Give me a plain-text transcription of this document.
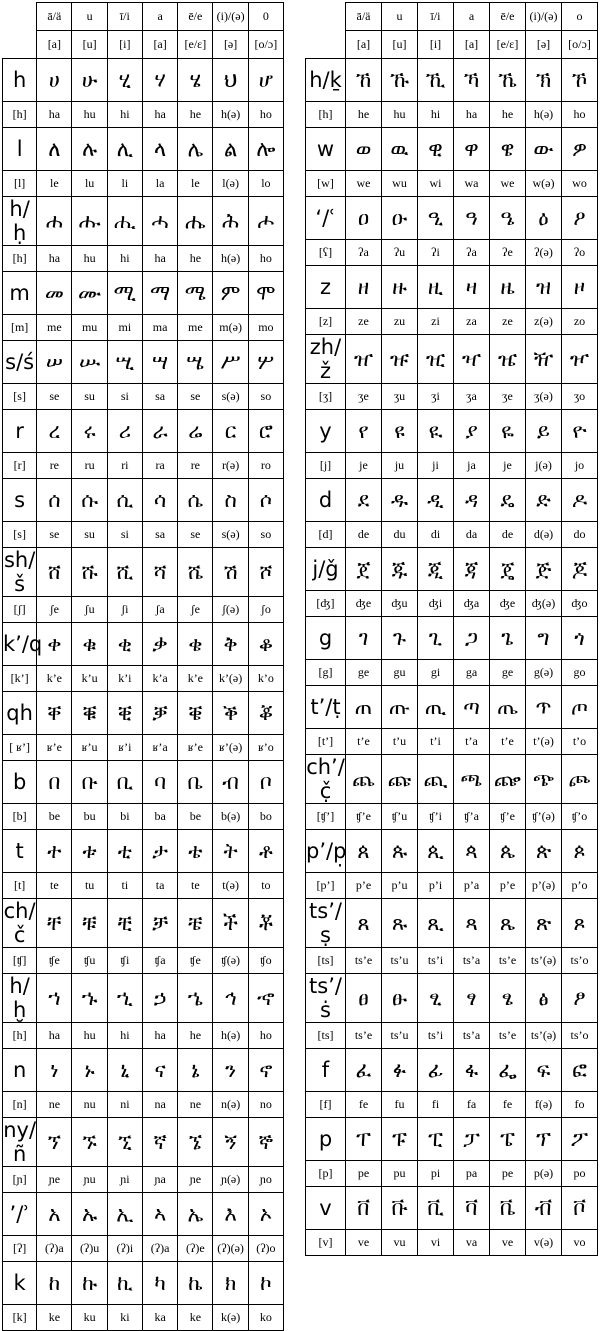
	ā/ä	u	ī/i	a	ē/e	(i)/(ə)	0
	[a]	[u]	[i]	[a]	[e/ɛ]	[ə]	[o/ɔ]
h	ሀ	ሁ	ሂ	ሃ	ሄ	ህ	ሆ
[h]	ha	hu	hi	ha	he	h(ə)	ho
l	ለ	ሉ	ሊ	ላ	ሌ	ል	ሎ
[l]	le	lu	li	la	le	l(ə)	lo
h/ḥ	ሐ	ሑ	ሒ	ሓ	ሔ	ሕ	ሖ
[h]	ha	hu	hi	ha	he	h(ə)	ho
m	መ	ሙ	ሚ	ማ	ሜ	ም	ሞ
[m]	me	mu	mi	ma	me	m(ə)	mo
s/ś	ሠ	ሡ	ሢ	ሣ	ሤ	ሥ	ሦ
[s]	se	su	si	sa	se	s(ə)	so
r	ረ	ሩ	ሪ	ራ	ሬ	ር	ሮ
[r]	re	ru	ri	ra	re	r(ə)	ro
s	ሰ	ሱ	ሲ	ሳ	ሴ	ስ	ሶ
[s]	se	su	si	sa	se	s(ə)	so
sh/š	ሸ	ሹ	ሺ	ሻ	ሼ	ሽ	ሾ
[ʃ]	ʃe	ʃu	ʃi	ʃa	ʃe	ʃ(ə)	ʃo
k’/q	ቀ	ቁ	ቂ	ቃ	ቄ	ቅ	ቆ
[k’]	k’e	k’u	k’i	k’a	k’e	k’(ə)	k’o
qh	ቐ	ቑ	ቒ	ቓ	ቔ	ቕ	ቖ
[ ʁ’]	ʁ’e	ʁ’u	ʁ’i	ʁ’a	ʁ’e	ʁ’(ə)	ʁ’o
b	በ	ቡ	ቢ	ባ	ቤ	ብ	ቦ
[b]	be	bu	bi	ba	be	b(ə)	bo
t	ተ	ቱ	ቲ	ታ	ቴ	ት	ቶ
[t]	te	tu	ti	ta	te	t(ə)	to
ch/č	ቸ	ቹ	ቺ	ቻ	ቼ	ች	ቾ
[ʧ]	ʧe	ʧu	ʧi	ʧa	ʧe	ʧ(ə)	ʧo
h/ḫ	ኀ	ኁ	ኂ	ኃ	ኄ	ኅ	ኆ
[h]	ha	hu	hi	ha	he	h(ə)	ho
n	ነ	ኑ	ኒ	ና	ኔ	ን	ኖ
[n]	ne	nu	ni	na	ne	n(ə)	no
ny/ñ	ኘ	ኙ	ኚ	ኛ	ኜ	ኝ	ኞ
[ɲ]	ɲe	ɲu	ɲi	ɲa	ɲe	ɲ(ə)	ɲo
’/ʾ	አ	ኡ	ኢ	ኣ	ኤ	እ	ኦ
[ʔ]	(ʔ)a	(ʔ)u	(ʔ)i	(ʔ)a	(ʔ)e	(ʔ)(ə)	(ʔ)o
k	ከ	ኩ	ኪ	ካ	ኬ	ክ	ኮ
[k]	ke	ku	ki	ka	ke	k(ə)	ko
	ā/ä	u	ī/i	a	ē/e	(i)/(ə)	o
	[a]	[u]	[i]	[a]	[e/ɛ]	[ə]	[o/ɔ]
h/ḵ	ኸ	ኹ	ኺ	ኻ	ኼ	ኽ	ኾ
[h]	he	hu	hi	ha	he	h(ə)	ho
w	ወ	ዉ	ዊ	ዋ	ዌ	ው	ዎ
[w]	we	wu	wi	wa	we	w(ə)	wo
‘/ʿ	ዐ	ዑ	ዒ	ዓ	ዔ	ዕ	ዖ
[ʕ]	ʔa	ʔu	ʔi	ʔa	ʔe	ʔ(ə)	ʔo
z	ዘ	ዙ	ዚ	ዛ	ዜ	ዝ	ዞ
[z]	ze	zu	zi	za	ze	z(ə)	zo
zh/ž	ዠ	ዡ	ዢ	ዣ	ዤ	ዥ	ዦ
[ʒ]	ʒe	ʒu	ʒi	ʒa	ʒe	ʒ(ə)	ʒo
y	የ	ዩ	ዪ	ያ	ዬ	ይ	ዮ
[j]	je	ju	ji	ja	je	j(ə)	jo
d	ደ	ዱ	ዲ	ዳ	ዴ	ድ	ዶ
[d]	de	du	di	da	de	d(ə)	do
j/ǧ	ጀ	ጁ	ጂ	ጃ	ጄ	ጅ	ጆ
[ʤ]	ʤe	ʤu	ʤi	ʤa	ʤe	ʤ(ə)	ʤo
g	ገ	ጉ	ጊ	ጋ	ጌ	ግ	ጎ
[g]	ge	gu	gi	ga	ge	g(ə)	go
t’/ṭ	ጠ	ጡ	ጢ	ጣ	ጤ	ጥ	ጦ
[t’]	t’e	t’u	t’i	t’a	t’e	t’(ə)	t’o
ch’/č̣	ጨ	ጩ	ጪ	ጫ	ጬ	ጭ	ጮ
[ʧ’]	ʧ’e	ʧ’u	ʧ’i	ʧ’a	ʧ’e	ʧ’(ə)	ʧ’o
p’/p̣	ጰ	ጱ	ጲ	ጳ	ጴ	ጵ	ጶ
[p’]	p’e	p’u	p’i	p’a	p’e	p’(ə)	p’o
ts’/ṣ	ጸ	ጹ	ጺ	ጻ	ጼ	ጽ	ጾ
[ts]	ts’e	ts’u	ts’i	ts’a	ts’e	ts’(ə)	ts’o
ts’/ṡ	ፀ	ፁ	ፂ	ፃ	ፄ	ፅ	ፆ
[ts]	ts’e	ts’u	ts’i	ts’a	ts’e	ts’(ə)	ts’o
f	ፈ	ፉ	ፊ	ፋ	ፌ	ፍ	ፎ
[f]	fe	fu	fi	fa	fe	f(ə)	fo
p	ፐ	ፑ	ፒ	ፓ	ፔ	ፕ	ፖ
[p]	pe	pu	pi	pa	pe	p(ə)	po
v	ቨ	ቩ	ቪ	ቫ	ቬ	ቭ	ቮ
[v]	ve	vu	vi	va	ve	v(ə)	vo
